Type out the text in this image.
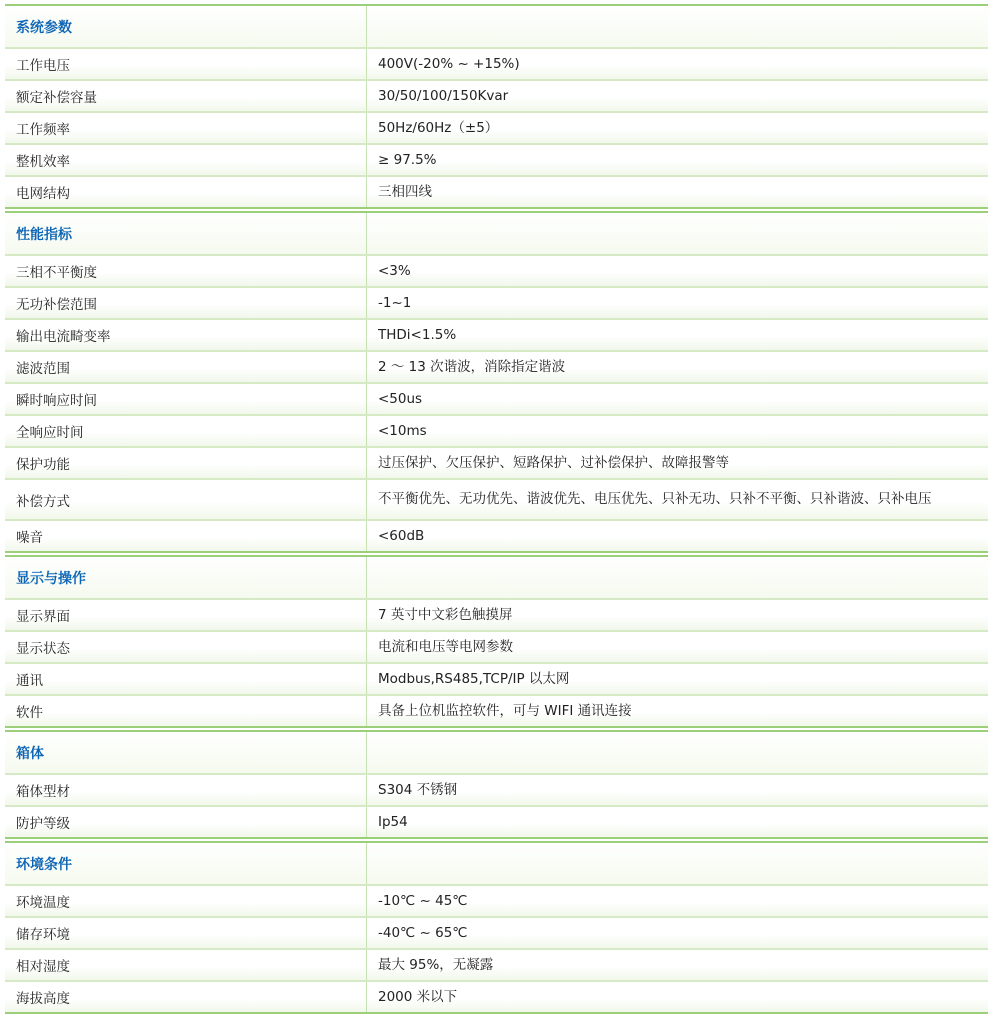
系统参数
工作电压	400V(-20% ~ +15%)
额定补偿容量	30/50/100/150Kvar
工作频率	50Hz/60Hz（±5）
整机效率	≥ 97.5%
电网结构	三相四线
性能指标
三相不平衡度	<3%
无功补偿范围	-1~1
输出电流畸变率	THDi<1.5%
滤波范围	2 ～ 13 次谐波，消除指定谐波
瞬时响应时间	<50us
全响应时间	<10ms
保护功能	过压保护、欠压保护、短路保护、过补偿保护、故障报警等
补偿方式	不平衡优先、无功优先、谐波优先、电压优先、只补无功、只补不平衡、只补谐波、只补电压
噪音	<60dB
显示与操作
显示界面	7 英寸中文彩色触摸屏
显示状态	电流和电压等电网参数
通讯	Modbus,RS485,TCP/IP 以太网
软件	具备上位机监控软件，可与 WIFI 通讯连接
箱体
箱体型材	S304 不锈钢
防护等级	Ip54
环境条件
环境温度	-10℃ ~ 45℃
储存环境	-40℃ ~ 65℃
相对湿度	最大 95%，无凝露
海拔高度	2000 米以下
